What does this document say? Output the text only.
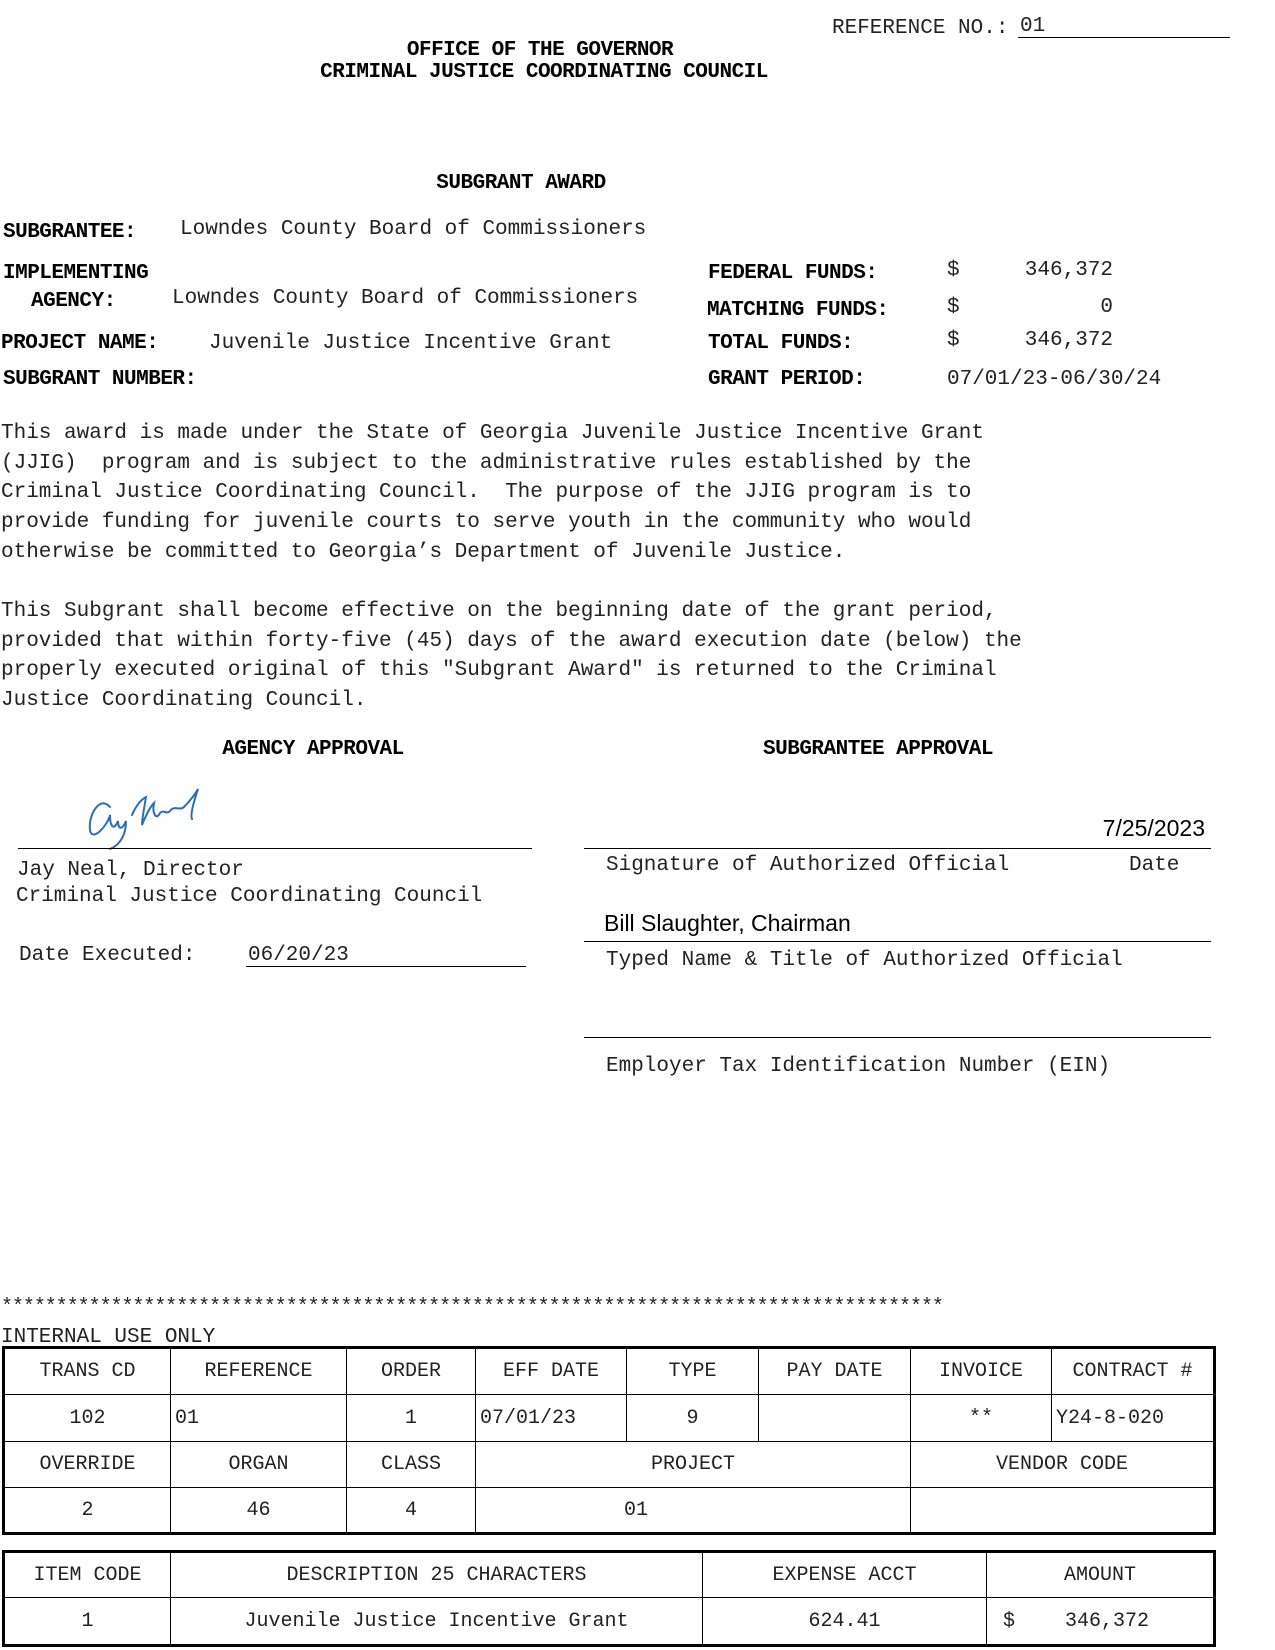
REFERENCE NO.: 01
OFFICE OF THE GOVERNOR
CRIMINAL JUSTICE COORDINATING COUNCIL
SUBGRANT AWARD
SUBGRANTEE: Lowndes County Board of Commissioners
IMPLEMENTING
AGENCY:	Lowndes County Board of Commissioners
PROJECT NAME: Juvenile Justice Incentive Grant
SUBGRANT NUMBER:
FEDERAL FUNDS:	$	346,372
MATCHING FUNDS:	$	0
TOTAL FUNDS:	$	346,372
GRANT PERIOD:	07/01/23-06/30/24
This award is made under the State of Georgia Juvenile Justice Incentive Grant
(JJIG)  program and is subject to the administrative rules established by the
Criminal Justice Coordinating Council.  The purpose of the JJIG program is to
provide funding for juvenile courts to serve youth in the community who would
otherwise be committed to Georgia’s Department of Juvenile Justice.
This Subgrant shall become effective on the beginning date of the grant period,
provided that within forty-five (45) days of the award execution date (below) the
properly executed original of this "Subgrant Award" is returned to the Criminal
Justice Coordinating Council.
AGENCY APPROVAL	SUBGRANTEE APPROVAL
Jay Neal, Director
Criminal Justice Coordinating Council
Date Executed:	06/20/23
7/25/2023
Signature of Authorized Official	Date
Bill Slaughter, Chairman
Typed Name & Title of Authorized Official
Employer Tax Identification Number (EIN)
**************************************************************************************
INTERNAL USE ONLY
TRANS CD	REFERENCE	ORDER	EFF DATE	TYPE	PAY DATE	INVOICE	CONTRACT #
102	01	1	07/01/23	9		**	Y24-8-020
OVERRIDE	ORGAN	CLASS	PROJECT			VENDOR CODE	
2	46	4	01				
ITEM CODE	DESCRIPTION 25 CHARACTERS	EXPENSE ACCT	AMOUNT
1	Juvenile Justice Incentive Grant	624.41	$ 346,372
